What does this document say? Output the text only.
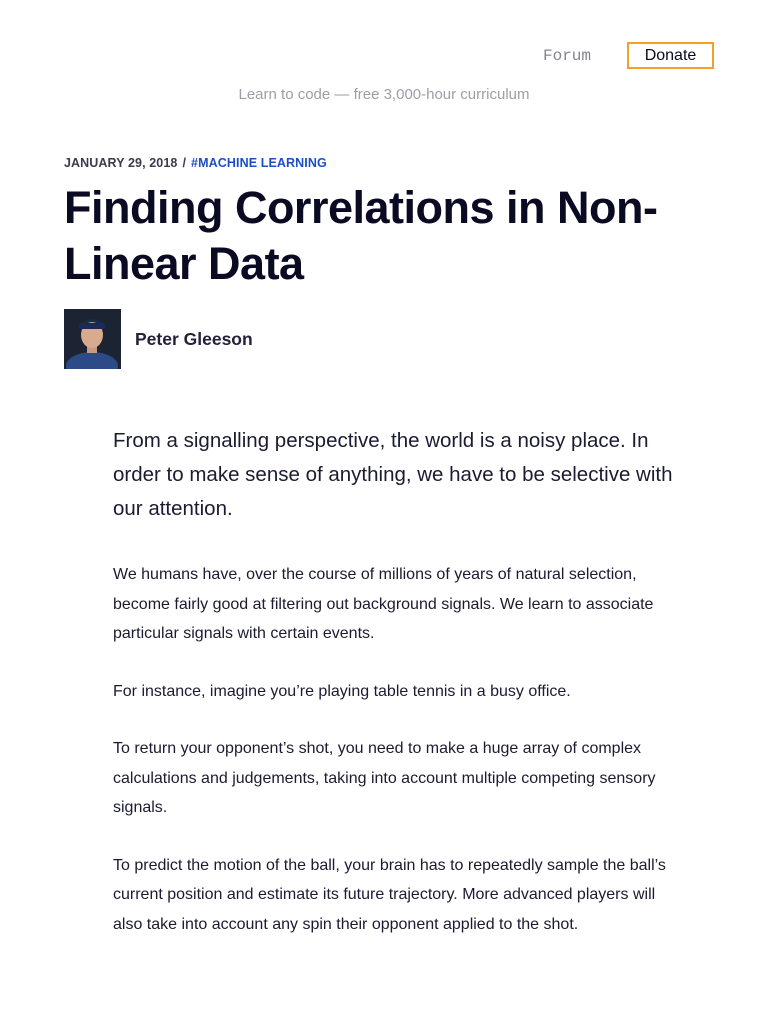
Forum	Donate
Learn to code — free 3,000-hour curriculum
JANUARY 29, 2018 / #MACHINE LEARNING
Finding Correlations in Non-Linear Data
Peter Gleeson

From a signalling perspective, the world is a noisy place. In order to make sense of anything, we have to be selective with our attention.

We humans have, over the course of millions of years of natural selection, become fairly good at filtering out background signals. We learn to associate particular signals with certain events.

For instance, imagine you’re playing table tennis in a busy office.

To return your opponent’s shot, you need to make a huge array of complex calculations and judgements, taking into account multiple competing sensory signals.

To predict the motion of the ball, your brain has to repeatedly sample the ball’s current position and estimate its future trajectory. More advanced players will also take into account any spin their opponent applied to the shot.
